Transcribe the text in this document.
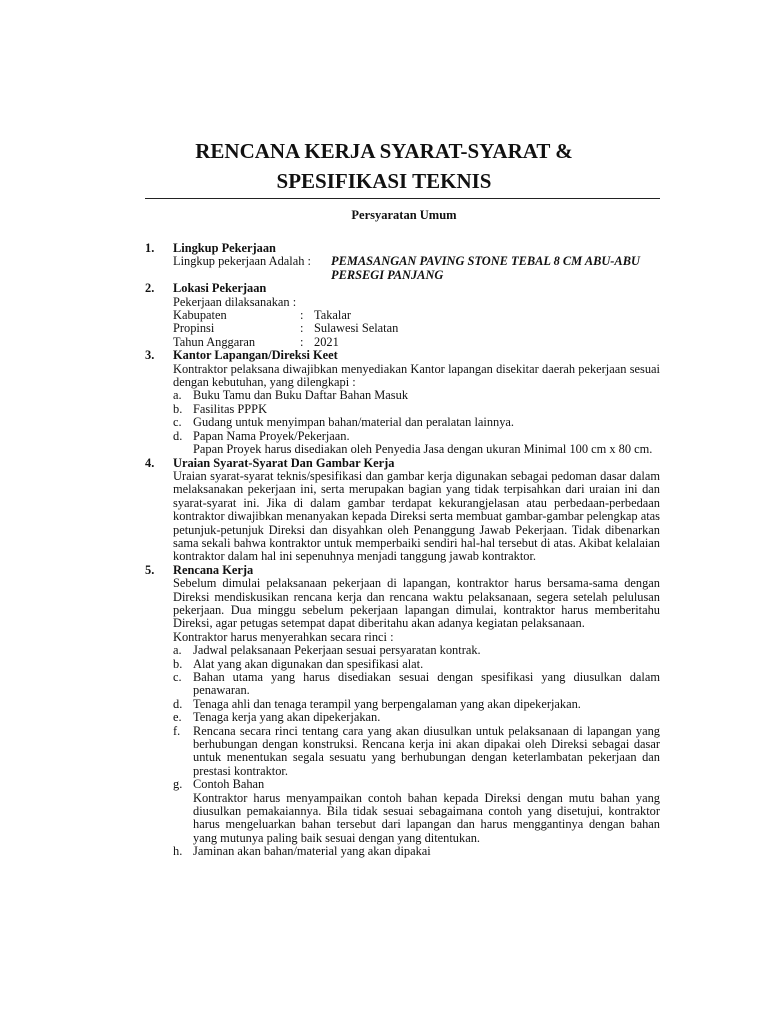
RENCANA KERJA SYARAT-SYARAT &
SPESIFIKASI TEKNIS
Persyaratan Umum
1. Lingkup Pekerjaan
Lingkup pekerjaan Adalah :	PEMASANGAN PAVING STONE TEBAL 8 CM ABU-ABU PERSEGI PANJANG
2. Lokasi Pekerjaan
Pekerjaan dilaksanakan :
Kabupaten	: Takalar
Propinsi	: Sulawesi Selatan
Tahun Anggaran	: 2021
3. Kantor Lapangan/Direksi Keet
Kontraktor pelaksana diwajibkan menyediakan Kantor lapangan disekitar daerah pekerjaan sesuai dengan kebutuhan, yang dilengkapi :
a. Buku Tamu dan Buku Daftar Bahan Masuk
b. Fasilitas PPPK
c. Gudang untuk menyimpan bahan/material dan peralatan lainnya.
d. Papan Nama Proyek/Pekerjaan.
Papan Proyek harus disediakan oleh Penyedia Jasa dengan ukuran Minimal 100 cm x 80 cm.
4. Uraian Syarat-Syarat Dan Gambar Kerja
Uraian syarat-syarat teknis/spesifikasi dan gambar kerja digunakan sebagai pedoman dasar dalam melaksanakan pekerjaan ini, serta merupakan bagian yang tidak terpisahkan dari uraian ini dan syarat-syarat ini. Jika di dalam gambar terdapat kekurangjelasan atau perbedaan-perbedaan kontraktor diwajibkan menanyakan kepada Direksi serta membuat gambar-gambar pelengkap atas petunjuk-petunjuk Direksi dan disyahkan oleh Penanggung Jawab Pekerjaan. Tidak dibenarkan sama sekali bahwa kontraktor untuk memperbaiki sendiri hal-hal tersebut di atas. Akibat kelalaian kontraktor dalam hal ini sepenuhnya menjadi tanggung jawab kontraktor.
5. Rencana Kerja
Sebelum dimulai pelaksanaan pekerjaan di lapangan, kontraktor harus bersama-sama dengan Direksi mendiskusikan rencana kerja dan rencana waktu pelaksanaan, segera setelah pelulusan pekerjaan. Dua minggu sebelum pekerjaan lapangan dimulai, kontraktor harus memberitahu Direksi, agar petugas setempat dapat diberitahu akan adanya kegiatan pelaksanaan.
Kontraktor harus menyerahkan secara rinci :
a. Jadwal pelaksanaan Pekerjaan sesuai persyaratan kontrak.
b. Alat yang akan digunakan dan spesifikasi alat.
c. Bahan utama yang harus disediakan sesuai dengan spesifikasi yang diusulkan dalam penawaran.
d. Tenaga ahli dan tenaga terampil yang berpengalaman yang akan dipekerjakan.
e. Tenaga kerja yang akan dipekerjakan.
f. Rencana secara rinci tentang cara yang akan diusulkan untuk pelaksanaan di lapangan yang berhubungan dengan konstruksi. Rencana kerja ini akan dipakai oleh Direksi sebagai dasar untuk menentukan segala sesuatu yang berhubungan dengan keterlambatan pekerjaan dan prestasi kontraktor.
g. Contoh Bahan
Kontraktor harus menyampaikan contoh bahan kepada Direksi dengan mutu bahan yang diusulkan pemakaiannya. Bila tidak sesuai sebagaimana contoh yang disetujui, kontraktor harus mengeluarkan bahan tersebut dari lapangan dan harus menggantinya dengan bahan yang mutunya paling baik sesuai dengan yang ditentukan.
h. Jaminan akan bahan/material yang akan dipakai
